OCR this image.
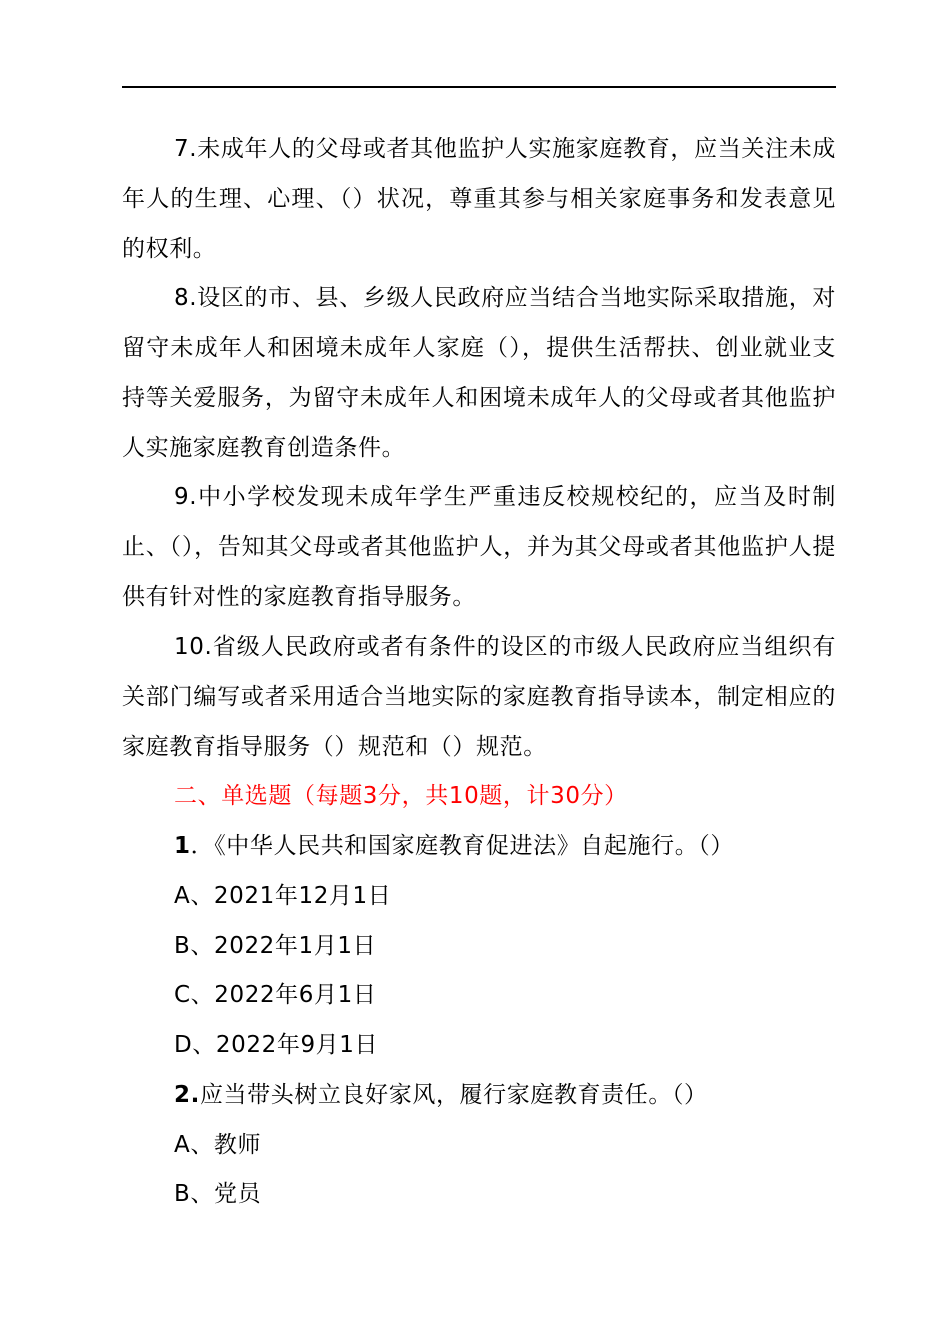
7.未成年人的父母或者其他监护人实施家庭教育，应当关注未成年人的生理、心理、（）状况，尊重其参与相关家庭事务和发表意见的权利。

8.设区的市、县、乡级人民政府应当结合当地实际采取措施，对留守未成年人和困境未成年人家庭（），提供生活帮扶、创业就业支持等关爱服务，为留守未成年人和困境未成年人的父母或者其他监护人实施家庭教育创造条件。

9.中小学校发现未成年学生严重违反校规校纪的，应当及时制止、（），告知其父母或者其他监护人，并为其父母或者其他监护人提供有针对性的家庭教育指导服务。

10.省级人民政府或者有条件的设区的市级人民政府应当组织有关部门编写或者采用适合当地实际的家庭教育指导读本，制定相应的家庭教育指导服务（）规范和（）规范。

二、单选题（每题3分，共10题，计30分）

1．《中华人民共和国家庭教育促进法》自起施行。（）

A、2021年12月1日

B、2022年1月1日

C、2022年6月1日

D、2022年9月1日

2.应当带头树立良好家风，履行家庭教育责任。（）

A、教师

B、党员
